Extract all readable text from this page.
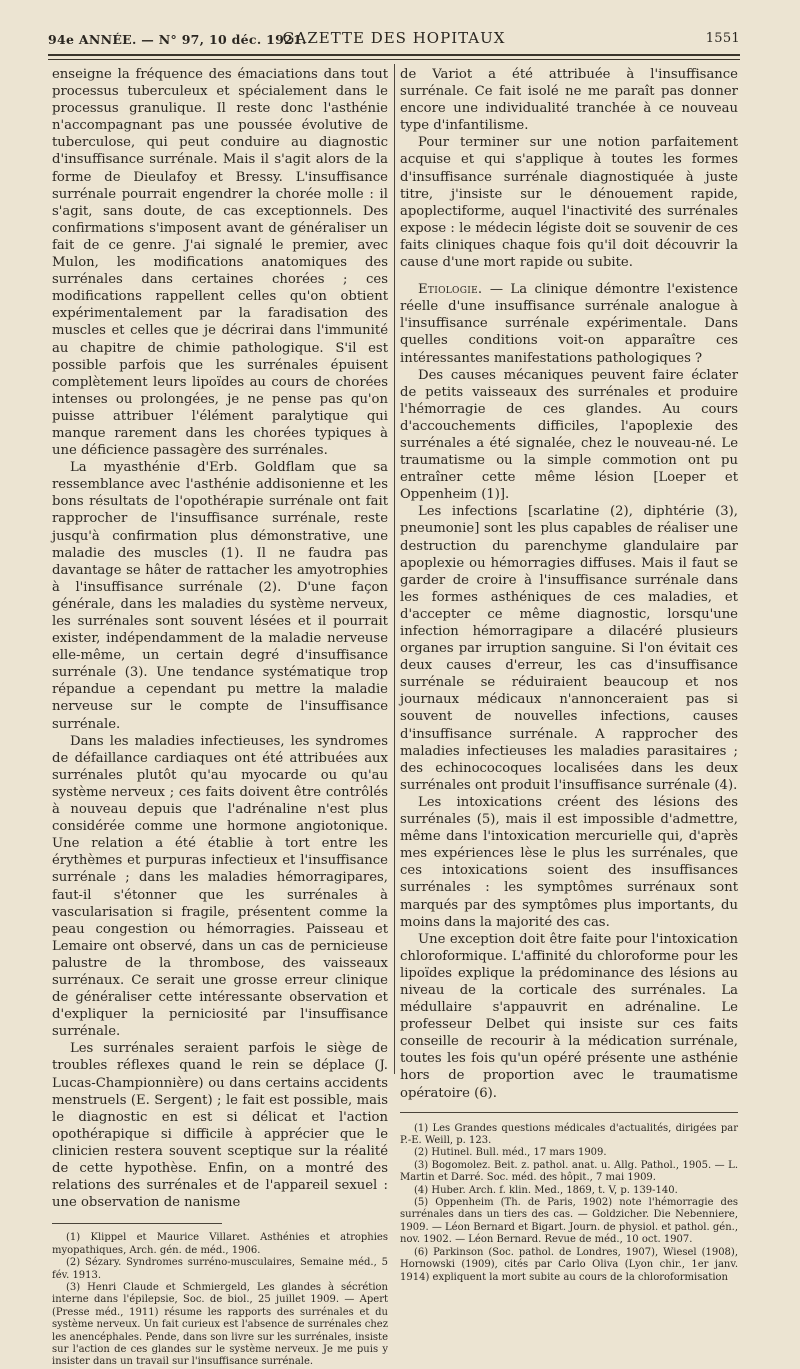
94e ANNÉE. — N° 97, 10 déc. 1921.
GAZETTE DES HOPITAUX	1551

enseigne la fréquence des émaciations dans tout processus tuberculeux et spécialement dans le processus granulique. Il reste donc l'asthénie n'accompagnant pas une poussée évolutive de tuberculose, qui peut conduire au diagnostic d'insuffisance surrénale. Mais il s'agit alors de la forme de Dieulafoy et Bressy. L'insuffisance surrénale pourrait engendrer la chorée molle : il s'agit, sans doute, de cas exceptionnels. Des confirmations s'imposent avant de généraliser un fait de ce genre. J'ai signalé le premier, avec Mulon, les modifications anatomiques des surrénales dans certaines chorées ; ces modifications rappellent celles qu'on obtient expérimentalement par la faradisation des muscles et celles que je décrirai dans l'immunité au chapitre de chimie pathologique. S'il est possible parfois que les surrénales épuisent complètement leurs lipoïdes au cours de chorées intenses ou prolongées, je ne pense pas qu'on puisse attribuer l'élément paralytique qui manque rarement dans les chorées typiques à une déficience passagère des surrénales.

La myasthénie d'Erb. Goldflam que sa ressemblance avec l'asthénie addisonienne et les bons résultats de l'opothérapie surrénale ont fait rapprocher de l'insuffisance surrénale, reste jusqu'à confirmation plus démonstrative, une maladie des muscles (1). Il ne faudra pas davantage se hâter de rattacher les amyotrophies à l'insuffisance surrénale (2). D'une façon générale, dans les maladies du système nerveux, les surrénales sont souvent lésées et il pourrait exister, indépendamment de la maladie nerveuse elle-même, un certain degré d'insuffisance surrénale (3). Une tendance systématique trop répandue a cependant pu mettre la maladie nerveuse sur le compte de l'insuffisance surrénale.

Dans les maladies infectieuses, les syndromes de défaillance cardiaques ont été attribuées aux surrénales plutôt qu'au myocarde ou qu'au système nerveux ; ces faits doivent être contrôlés à nouveau depuis que l'adrénaline n'est plus considérée comme une hormone angiotonique. Une relation a été établie à tort entre les érythèmes et purpuras infectieux et l'insuffisance surrénale ; dans les maladies hémorragipares, faut-il s'étonner que les surrénales à vascularisation si fragile, présentent comme la peau congestion ou hémorragies. Paisseau et Lemaire ont observé, dans un cas de pernicieuse palustre de la thrombose, des vaisseaux surrénaux. Ce serait une grosse erreur clinique de généraliser cette intéressante observation et d'expliquer la perniciosité par l'insuffisance surrénale.

Les surrénales seraient parfois le siège de troubles réflexes quand le rein se déplace (J. Lucas-Championnière) ou dans certains accidents menstruels (E. Sergent) ; le fait est possible, mais le diagnostic en est si délicat et l'action opothérapique si difficile à apprécier que le clinicien restera souvent sceptique sur la réalité de cette hypothèse. Enfin, on a montré des relations des surrénales et de l'appareil sexuel : une observation de nanisme

(1) Klippel et Maurice Villaret. Asthénies et atrophies myopathiques, Arch. gén. de méd., 1906.

(2) Sézary. Syndromes surréno-musculaires, Semaine méd., 5 fév. 1913.

(3) Henri Claude et Schmiergeld, Les glandes à sécrétion interne dans l'épilepsie, Soc. de biol., 25 juillet 1909. — Apert (Presse méd., 1911) résume les rapports des surrénales et du système nerveux. Un fait curieux est l'absence de surrénales chez les anencéphales. Pende, dans son livre sur les surrénales, insiste sur l'action de ces glandes sur le système nerveux. Je me puis y insister dans un travail sur l'insuffisance surrénale.

de Variot a été attribuée à l'insuffisance surrénale. Ce fait isolé ne me paraît pas donner encore une individualité tranchée à ce nouveau type d'infantilisme.

Pour terminer sur une notion parfaitement acquise et qui s'applique à toutes les formes d'insuffisance surrénale diagnostiquée à juste titre, j'insiste sur le dénouement rapide, apoplectiforme, auquel l'inactivité des surrénales expose : le médecin légiste doit se souvenir de ces faits cliniques chaque fois qu'il doit découvrir la cause d'une mort rapide ou subite.

Etiologie. — La clinique démontre l'existence réelle d'une insuffisance surrénale analogue à l'insuffisance surrénale expérimentale. Dans quelles conditions voit-on apparaître ces intéressantes manifestations pathologiques ?

Des causes mécaniques peuvent faire éclater de petits vaisseaux des surrénales et produire l'hémorragie de ces glandes. Au cours d'accouchements difficiles, l'apoplexie des surrénales a été signalée, chez le nouveau-né. Le traumatisme ou la simple commotion ont pu entraîner cette même lésion [Loeper et Oppenheim (1)].

Les infections [scarlatine (2), diphtérie (3), pneumonie] sont les plus capables de réaliser une destruction du parenchyme glandulaire par apoplexie ou hémorragies diffuses. Mais il faut se garder de croire à l'insuffisance surrénale dans les formes asthéniques de ces maladies, et d'accepter ce même diagnostic, lorsqu'une infection hémorragipare a dilacéré plusieurs organes par irruption sanguine. Si l'on évitait ces deux causes d'erreur, les cas d'insuffisance surrénale se réduiraient beaucoup et nos journaux médicaux n'annonceraient pas si souvent de nouvelles infections, causes d'insuffisance surrénale. A rapprocher des maladies infectieuses les maladies parasitaires ; des echinococoques localisées dans les deux surrénales ont produit l'insuffisance surrénale (4).

Les intoxications créent des lésions des surrénales (5), mais il est impossible d'admettre, même dans l'intoxication mercurielle qui, d'après mes expériences lèse le plus les surrénales, que ces intoxications soient des insuffisances surrénales : les symptômes surrénaux sont marqués par des symptômes plus importants, du moins dans la majorité des cas.

Une exception doit être faite pour l'intoxication chloroformique. L'affinité du chloroforme pour les lipoïdes explique la prédominance des lésions au niveau de la corticale des surrénales. La médullaire s'appauvrit en adrénaline. Le professeur Delbet qui insiste sur ces faits conseille de recourir à la médication surrénale, toutes les fois qu'un opéré présente une asthénie hors de proportion avec le traumatisme opératoire (6).

(1) Les Grandes questions médicales d'actualités, dirigées par P.-E. Weill, p. 123.

(2) Hutinel. Bull. méd., 17 mars 1909.

(3) Bogomolez. Beit. z. pathol. anat. u. Allg. Pathol., 1905. — L. Martin et Darré. Soc. méd. des hôpit., 7 mai 1909.

(4) Huber. Arch. f. klin. Med., 1869, t. V, p. 139-140.

(5) Oppenheim (Th. de Paris, 1902) note l'hémorragie des surrénales dans un tiers des cas. — Goldzicher. Die Nebenniere, 1909. — Léon Bernard et Bigart. Journ. de physiol. et pathol. gén., nov. 1902. — Léon Bernard. Revue de méd., 10 oct. 1907.

(6) Parkinson (Soc. pathol. de Londres, 1907), Wiesel (1908), Hornowski (1909), cités par Carlo Oliva (Lyon chir., 1er janv. 1914) expliquent la mort subite au cours de la chloroformisation
